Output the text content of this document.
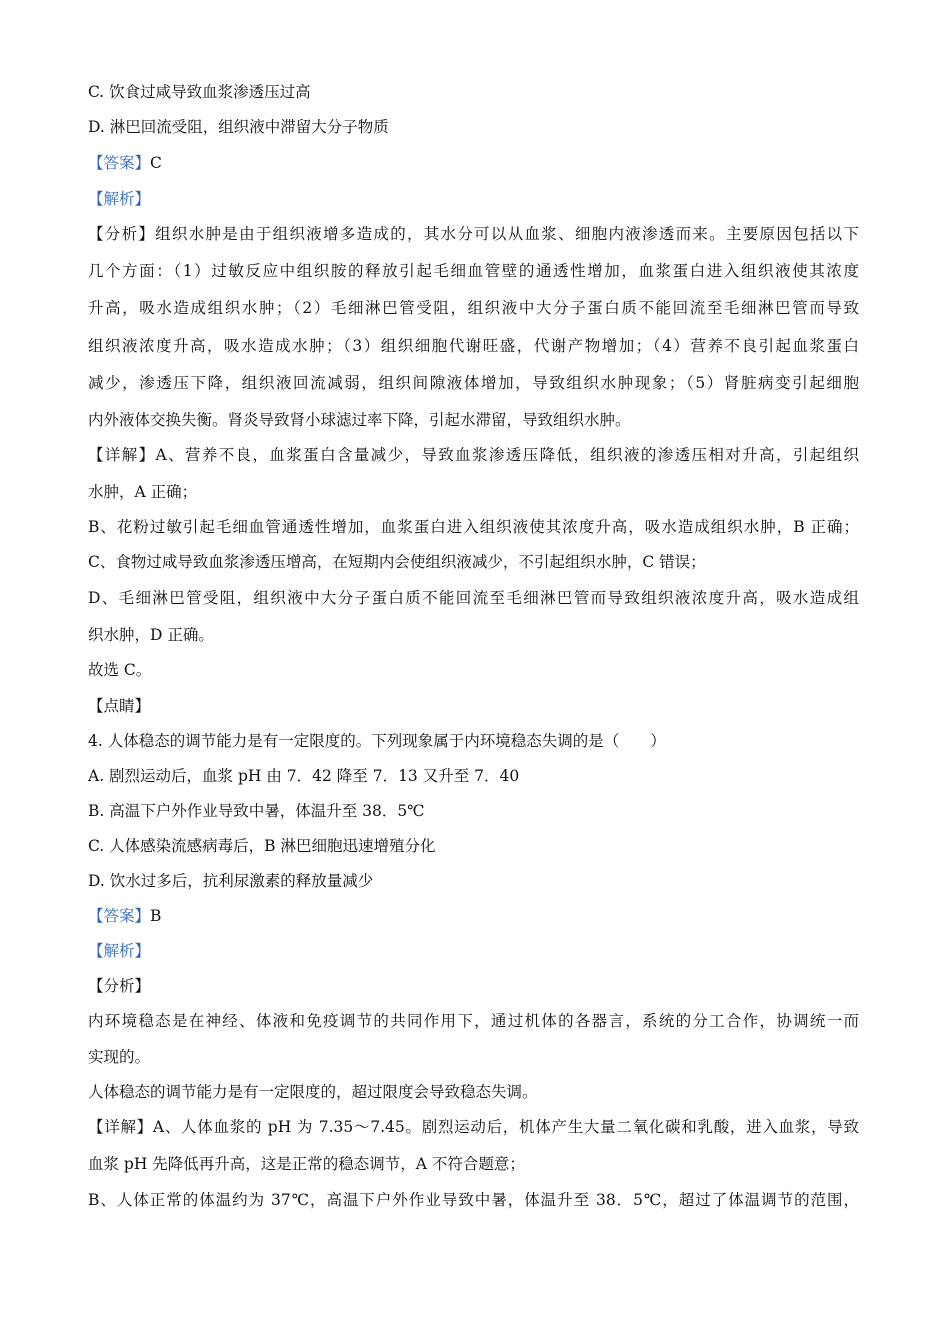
C. 饮食过咸导致血浆渗透压过高
D. 淋巴回流受阻，组织液中滞留大分子物质
【答案】C
【解析】
【分析】组织水肿是由于组织液增多造成的，其水分可以从血浆、细胞内液渗透而来。主要原因包括以下
几个方面：（1）过敏反应中组织胺的释放引起毛细血管壁的通透性增加，血浆蛋白进入组织液使其浓度
升高，吸水造成组织水肿；（2）毛细淋巴管受阻，组织液中大分子蛋白质不能回流至毛细淋巴管而导致
组织液浓度升高，吸水造成水肿；（3）组织细胞代谢旺盛，代谢产物增加；（4）营养不良引起血浆蛋白
减少，渗透压下降，组织液回流减弱，组织间隙液体增加，导致组织水肿现象；（5）肾脏病变引起细胞
内外液体交换失衡。肾炎导致肾小球滤过率下降，引起水滞留，导致组织水肿。
【详解】A、营养不良，血浆蛋白含量减少，导致血浆渗透压降低，组织液的渗透压相对升高，引起组织
水肿，A 正确；
B、花粉过敏引起毛细血管通透性增加，血浆蛋白进入组织液使其浓度升高，吸水造成组织水肿，B 正确；
C、食物过咸导致血浆渗透压增高，在短期内会使组织液减少，不引起组织水肿，C 错误；
D、毛细淋巴管受阻，组织液中大分子蛋白质不能回流至毛细淋巴管而导致组织液浓度升高，吸水造成组
织水肿，D 正确。
故选 C。
【点睛】
4. 人体稳态的调节能力是有一定限度的。下列现象属于内环境稳态失调的是（　　）
A. 剧烈运动后，血浆 pH 由 7．42 降至 7．13 又升至 7．40
B. 高温下户外作业导致中暑，体温升至 38．5℃
C. 人体感染流感病毒后，B 淋巴细胞迅速增殖分化
D. 饮水过多后，抗利尿激素的释放量减少
【答案】B
【解析】
【分析】
内环境稳态是在神经、体液和免疫调节的共同作用下，通过机体的各器言，系统的分工合作，协调统一而
实现的。
人体稳态的调节能力是有一定限度的，超过限度会导致稳态失调。
【详解】A、人体血浆的 pH 为 7.35～7.45。剧烈运动后，机体产生大量二氧化碳和乳酸，进入血浆，导致
血浆 pH 先降低再升高，这是正常的稳态调节，A 不符合题意；
B、人体正常的体温约为 37℃，高温下户外作业导致中暑，体温升至 38．5℃，超过了体温调节的范围，
